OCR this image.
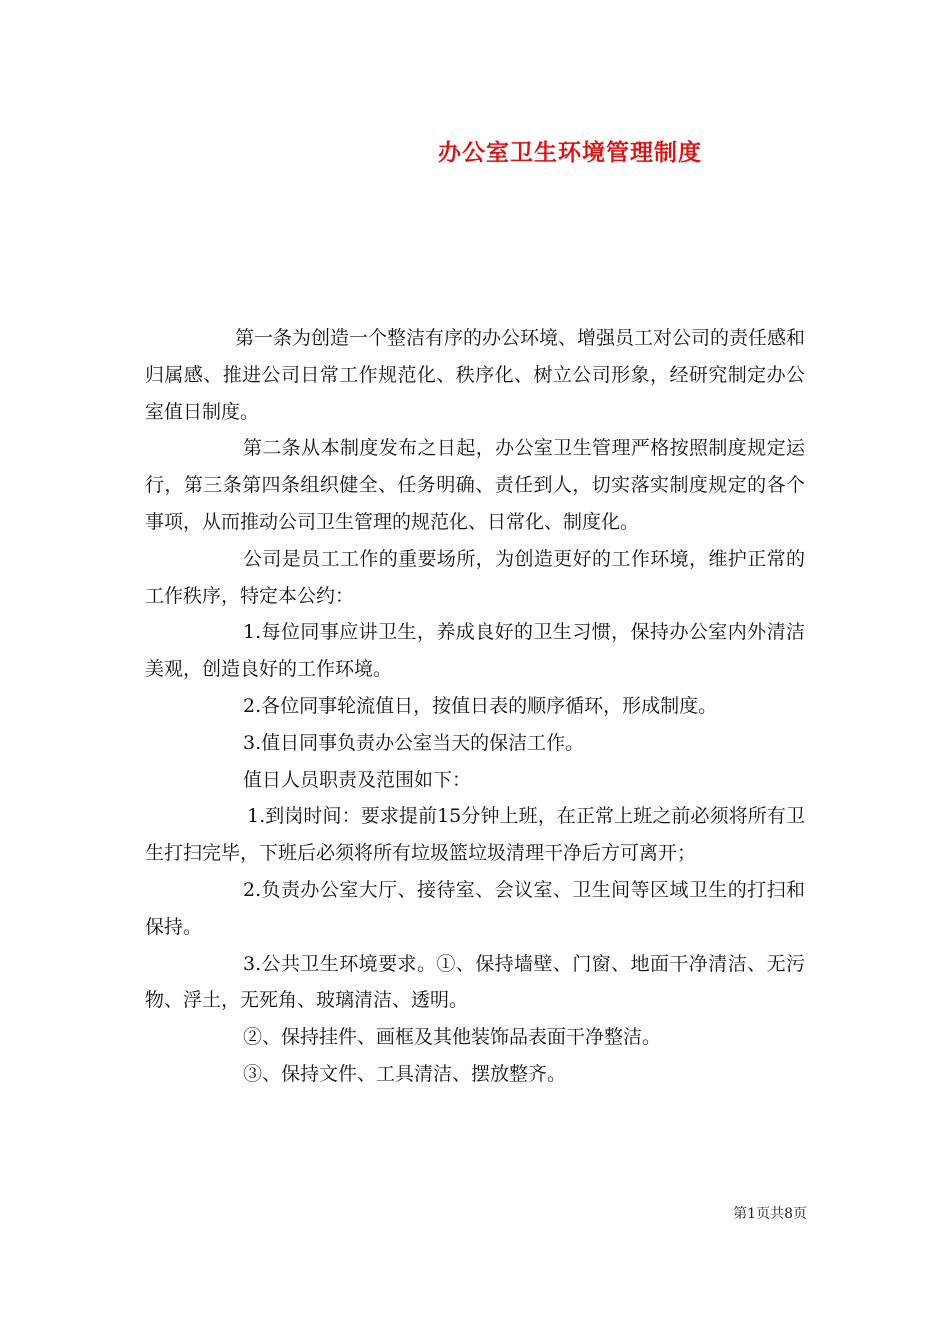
办公室卫生环境管理制度

第一条为创造一个整洁有序的办公环境、增强员工对公司的责任感和归属感、推进公司日常工作规范化、秩序化、树立公司形象，经研究制定办公室值日制度。

第二条从本制度发布之日起，办公室卫生管理严格按照制度规定运行，第三条第四条组织健全、任务明确、责任到人，切实落实制度规定的各个事项，从而推动公司卫生管理的规范化、日常化、制度化。

公司是员工工作的重要场所，为创造更好的工作环境，维护正常的工作秩序，特定本公约：

1.每位同事应讲卫生，养成良好的卫生习惯，保持办公室内外清洁美观，创造良好的工作环境。

2.各位同事轮流值日，按值日表的顺序循环，形成制度。

3.值日同事负责办公室当天的保洁工作。

值日人员职责及范围如下：

1.到岗时间：要求提前15分钟上班，在正常上班之前必须将所有卫生打扫完毕，下班后必须将所有垃圾篮垃圾清理干净后方可离开；

2.负责办公室大厅、接待室、会议室、卫生间等区域卫生的打扫和保持。

3.公共卫生环境要求。①、保持墙壁、门窗、地面干净清洁、无污物、浮土，无死角、玻璃清洁、透明。

②、保持挂件、画框及其他装饰品表面干净整洁。

③、保持文件、工具清洁、摆放整齐。

第1页共8页
